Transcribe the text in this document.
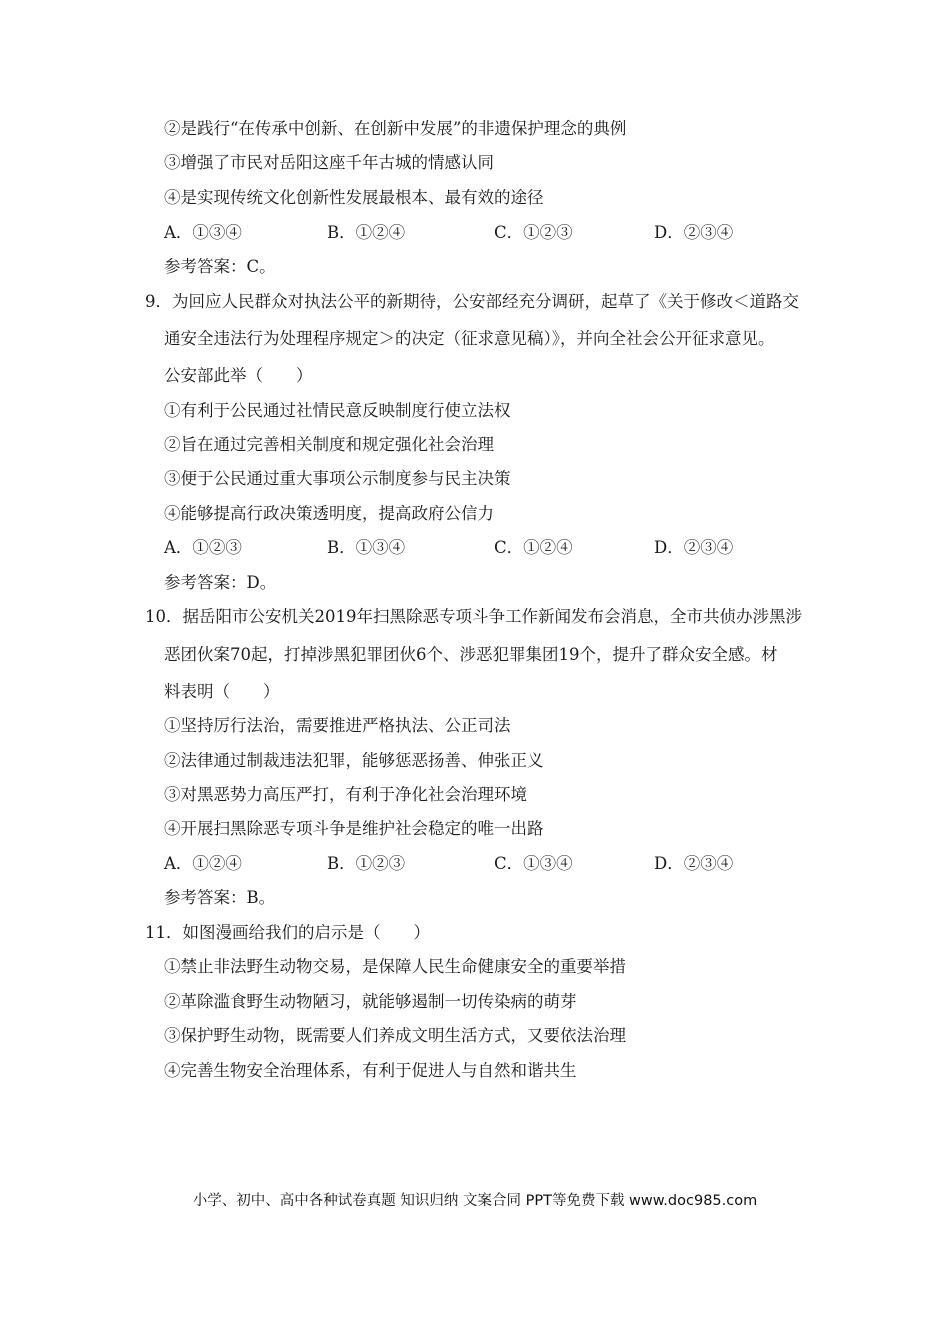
②是践行“在传承中创新、在创新中发展”的非遗保护理念的典例
③增强了市民对岳阳这座千年古城的情感认同
④是实现传统文化创新性发展最根本、最有效的途径
A．①③④	B．①②④	C．①②③	D．②③④
参考答案：C。
9．为回应人民群众对执法公平的新期待，公安部经充分调研，起草了《关于修改＜道路交
通安全违法行为处理程序规定＞的决定（征求意见稿）》，并向全社会公开征求意见。
公安部此举（　　）
①有利于公民通过社情民意反映制度行使立法权
②旨在通过完善相关制度和规定强化社会治理
③便于公民通过重大事项公示制度参与民主决策
④能够提高行政决策透明度，提高政府公信力
A．①②③	B．①③④	C．①②④	D．②③④
参考答案：D。
10．据岳阳市公安机关2019年扫黑除恶专项斗争工作新闻发布会消息，全市共侦办涉黑涉
恶团伙案70起，打掉涉黑犯罪团伙6个、涉恶犯罪集团19个，提升了群众安全感。材
料表明（　　）
①坚持厉行法治，需要推进严格执法、公正司法
②法律通过制裁违法犯罪，能够惩恶扬善、伸张正义
③对黑恶势力高压严打，有利于净化社会治理环境
④开展扫黑除恶专项斗争是维护社会稳定的唯一出路
A．①②④	B．①②③	C．①③④	D．②③④
参考答案：B。
11．如图漫画给我们的启示是（　　）
①禁止非法野生动物交易，是保障人民生命健康安全的重要举措
②革除滥食野生动物陋习，就能够遏制一切传染病的萌芽
③保护野生动物，既需要人们养成文明生活方式，又要依法治理
④完善生物安全治理体系，有利于促进人与自然和谐共生
小学、初中、高中各种试卷真题 知识归纳 文案合同 PPT等免费下载 www.doc985.com
